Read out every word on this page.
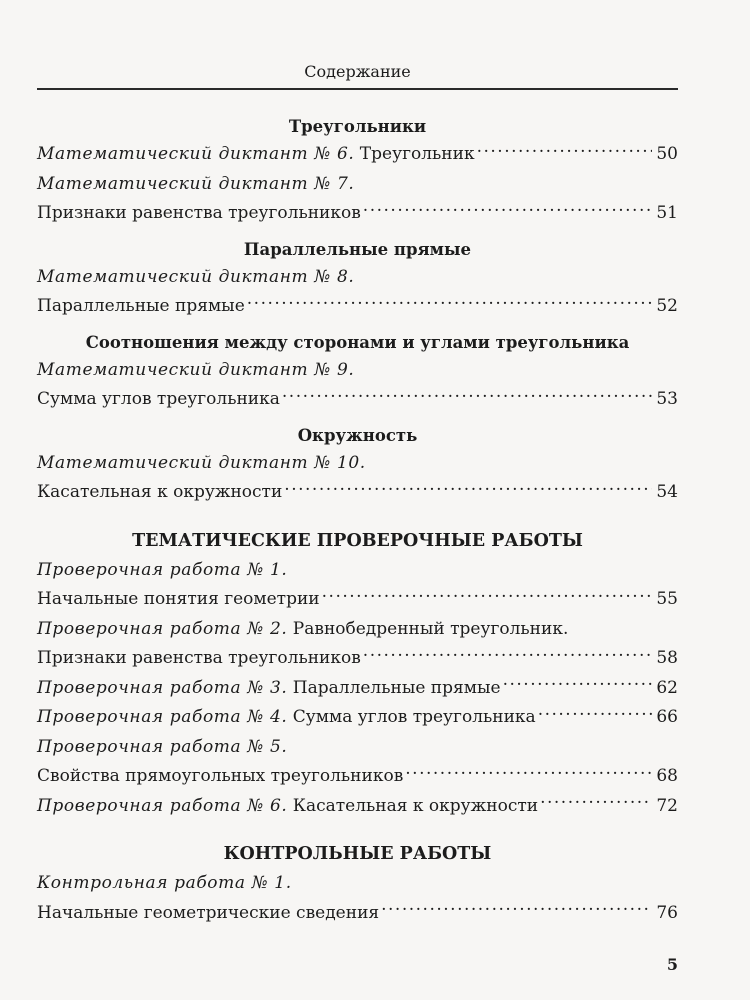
Содержание
Треугольники
Математический диктант № 6. Треугольник .....	50
Математический диктант № 7.
Признаки равенства треугольников .....	51
Параллельные прямые
Математический диктант № 8.
Параллельные прямые .....	52
Соотношения между сторонами и углами треугольника
Математический диктант № 9.
Сумма углов треугольника .....	53
Окружность
Математический диктант № 10.
Касательная к окружности .....	54
ТЕМАТИЧЕСКИЕ ПРОВЕРОЧНЫЕ РАБОТЫ
Проверочная работа № 1.
Начальные понятия геометрии .....	55
Проверочная работа № 2. Равнобедренный треугольник.
Признаки равенства треугольников .....	58
Проверочная работа № 3. Параллельные прямые .....	62
Проверочная работа № 4. Сумма углов треугольника .....	66
Проверочная работа № 5.
Свойства прямоугольных треугольников .....	68
Проверочная работа № 6. Касательная к окружности .....	72
КОНТРОЛЬНЫЕ РАБОТЫ
Контрольная работа № 1.
Начальные геометрические сведения .....	76
5
